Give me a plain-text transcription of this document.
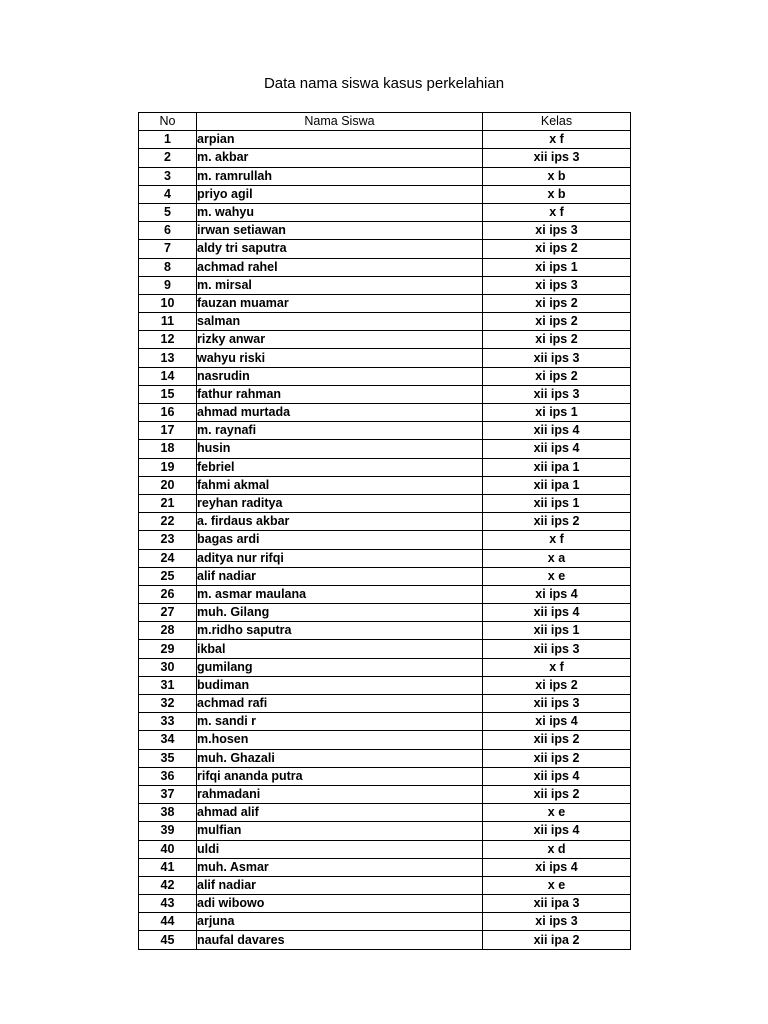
Data nama siswa kasus perkelahian
No	Nama Siswa	Kelas
1	arpian	x f
2	m. akbar	xii ips 3
3	m. ramrullah	x b
4	priyo agil	x b
5	m. wahyu	x f
6	irwan setiawan	xi ips 3
7	aldy tri saputra	xi ips 2
8	achmad rahel	xi ips 1
9	m. mirsal	xi ips 3
10	fauzan muamar	xi ips 2
11	salman	xi ips 2
12	rizky anwar	xi ips 2
13	wahyu riski	xii ips 3
14	nasrudin	xi ips 2
15	fathur rahman	xii ips 3
16	ahmad murtada	xi ips 1
17	m. raynafi	xii ips 4
18	husin	xii ips 4
19	febriel	xii ipa 1
20	fahmi akmal	xii ipa 1
21	reyhan raditya	xii ips 1
22	a. firdaus akbar	xii ips 2
23	bagas ardi	x f
24	aditya nur rifqi	x a
25	alif nadiar	x e
26	m. asmar maulana	xi ips 4
27	muh. Gilang	xii ips 4
28	m.ridho saputra	xii ips 1
29	ikbal	xii ips 3
30	gumilang	x f
31	budiman	xi ips 2
32	achmad rafi	xii ips 3
33	m. sandi r	xi ips 4
34	m.hosen	xii ips 2
35	muh. Ghazali	xii ips 2
36	rifqi ananda putra	xii ips 4
37	rahmadani	xii ips 2
38	ahmad alif	x e
39	mulfian	xii ips 4
40	uldi	x d
41	muh. Asmar	xi ips 4
42	alif nadiar	x e
43	adi wibowo	xii ipa 3
44	arjuna	xi ips 3
45	naufal davares	xii ipa 2
